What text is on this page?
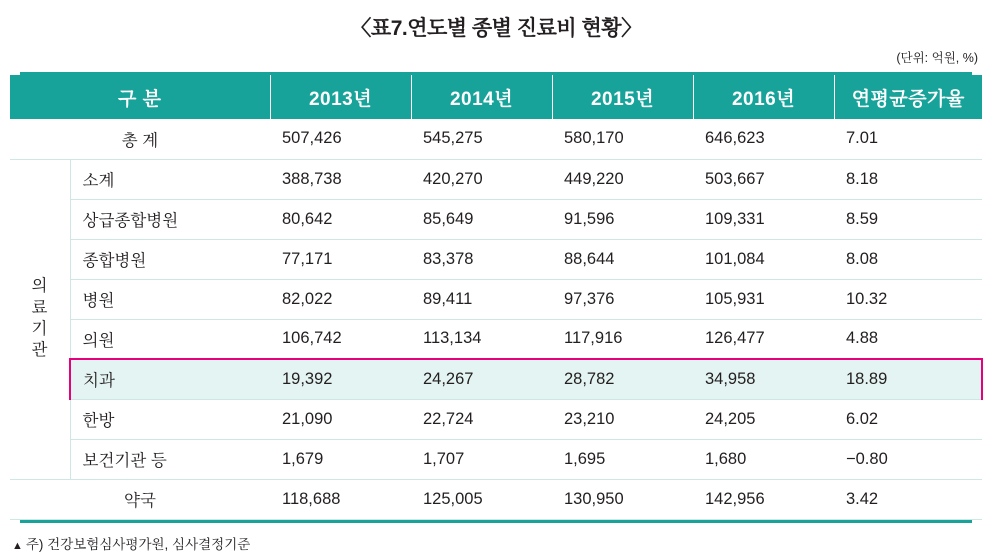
〈표7.연도별 종별 진료비 현황〉
(단위: 억원, %)
구 분		2013년	2014년	2015년	2016년	연평균증가율
총 계		507,426	545,275	580,170	646,623	7.01

의
료
기
관	소계	388,738	420,270	449,220	503,667	8.18
	상급종합병원	80,642	85,649	91,596	109,331	8.59
	종합병원	77,171	83,378	88,644	101,084	8.08
	병원	82,022	89,411	97,376	105,931	10.32
	의원	106,742	113,134	117,916	126,477	4.88
	치과	19,392	24,267	28,782	34,958	18.89
	한방	21,090	22,724	23,210	24,205	6.02
	보건기관 등	1,679	1,707	1,695	1,680	−0.80
약국		118,688	125,005	130,950	142,956	3.42
▲ 주) 건강보험심사평가원, 심사결정기준
